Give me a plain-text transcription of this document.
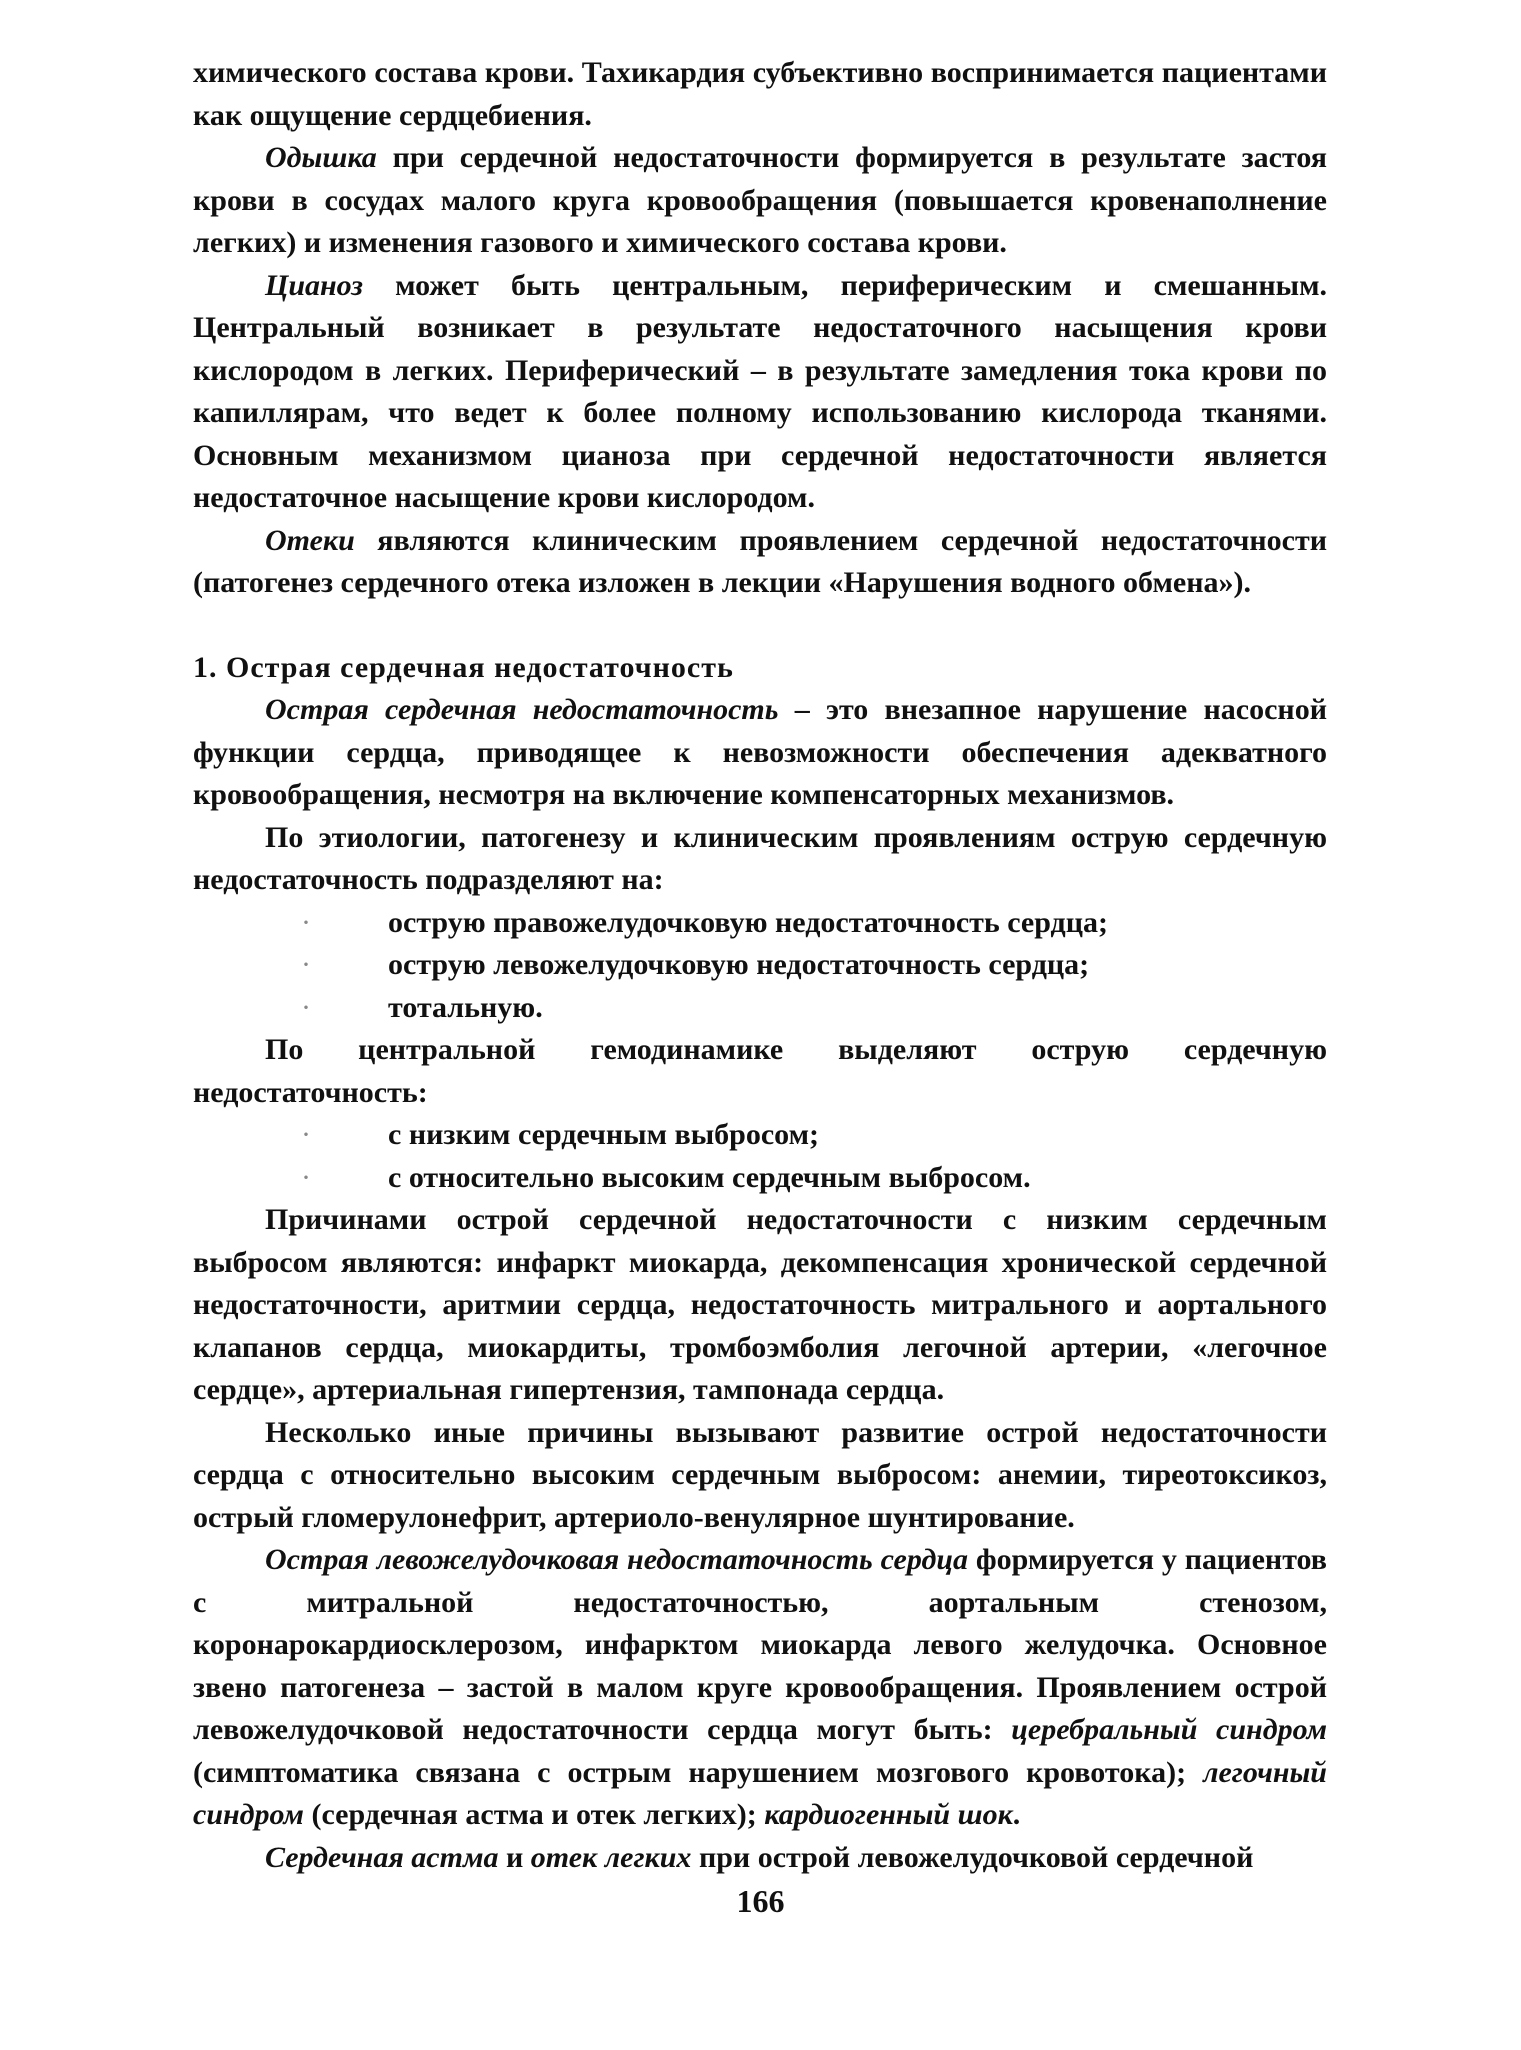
химического состава крови. Тахикардия субъективно воспринимается пациентами как ощущение сердцебиения.

Одышка при сердечной недостаточности формируется в результате застоя крови в сосудах малого круга кровообращения (повышается кровенаполнение легких) и изменения газового и химического состава крови.

Цианоз может быть центральным, периферическим и смешанным. Центральный возникает в результате недостаточного насыщения крови кислородом в легких. Периферический – в результате замедления тока крови по капиллярам, что ведет к более полному использованию кислорода тканями. Основным механизмом цианоза при сердечной недостаточности является недостаточное насыщение крови кислородом.

Отеки являются клиническим проявлением сердечной недостаточности (патогенез сердечного отека изложен в лекции «Нарушения водного обмена»).

1. Острая сердечная недостаточность

Острая сердечная недостаточность – это внезапное нарушение насосной функции сердца, приводящее к невозможности обеспечения адекватного кровообращения, несмотря на включение компенсаторных механизмов.

По этиологии, патогенезу и клиническим проявлениям острую сердечную недостаточность подразделяют на:

·	острую правожелудочковую недостаточность сердца;
·	острую левожелудочковую недостаточность сердца;
·	тотальную.

По центральной гемодинамике выделяют острую сердечную недостаточность:

·	с низким сердечным выбросом;
·	с относительно высоким сердечным выбросом.

Причинами острой сердечной недостаточности с низким сердечным выбросом являются: инфаркт миокарда, декомпенсация хронической сердечной недостаточности, аритмии сердца, недостаточность митрального и аортального клапанов сердца, миокардиты, тромбоэмболия легочной артерии, «легочное сердце», артериальная гипертензия, тампонада сердца.

Несколько иные причины вызывают развитие острой недостаточности сердца с относительно высоким сердечным выбросом: анемии, тиреотоксикоз, острый гломерулонефрит, артериоло-венулярное шунтирование.

Острая левожелудочковая недостаточность сердца формируется у пациентов с митральной недостаточностью, аортальным стенозом, коронарокардиосклерозом, инфарктом миокарда левого желудочка. Основное звено патогенеза – застой в малом круге кровообращения. Проявлением острой левожелудочковой недостаточности сердца могут быть: церебральный синдром (симптоматика связана с острым нарушением мозгового кровотока); легочный синдром (сердечная астма и отек легких); кардиогенный шок.

Сердечная астма и отек легких при острой левожелудочковой сердечной

166
